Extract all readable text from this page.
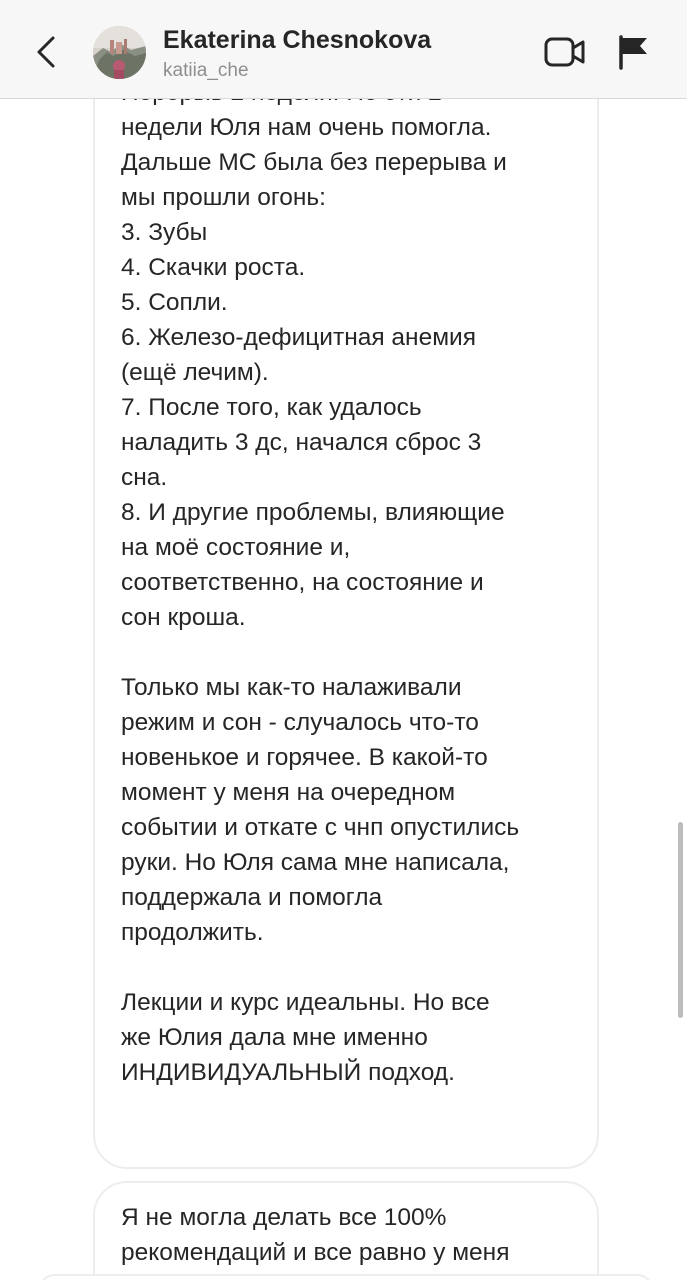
недели Юля нам очень помогла.
Дальше МС была без перерыва и
мы прошли огонь:
3. Зубы
4. Скачки роста.
5. Сопли.
6. Железо-дефицитная анемия
(ещё лечим).
7. После того, как удалось
наладить 3 дс, начался сброс 3
сна.
8. И другие проблемы, влияющие
на моё состояние и,
соответственно, на состояние и
сон кроша.

Только мы как-то налаживали
режим и сон - случалось что-то
новенькое и горячее. В какой-то
момент у меня на очередном
событии и откате с чнп опустились
руки. Но Юля сама мне написала,
поддержала и помогла
продолжить.

Лекции и курс идеальны. Но все
же Юлия дала мне именно
ИНДИВИДУАЛЬНЫЙ подход.

Я не могла делать все 100%
рекомендаций и все равно у меня

Ekaterina Chesnokova
katiia_che
